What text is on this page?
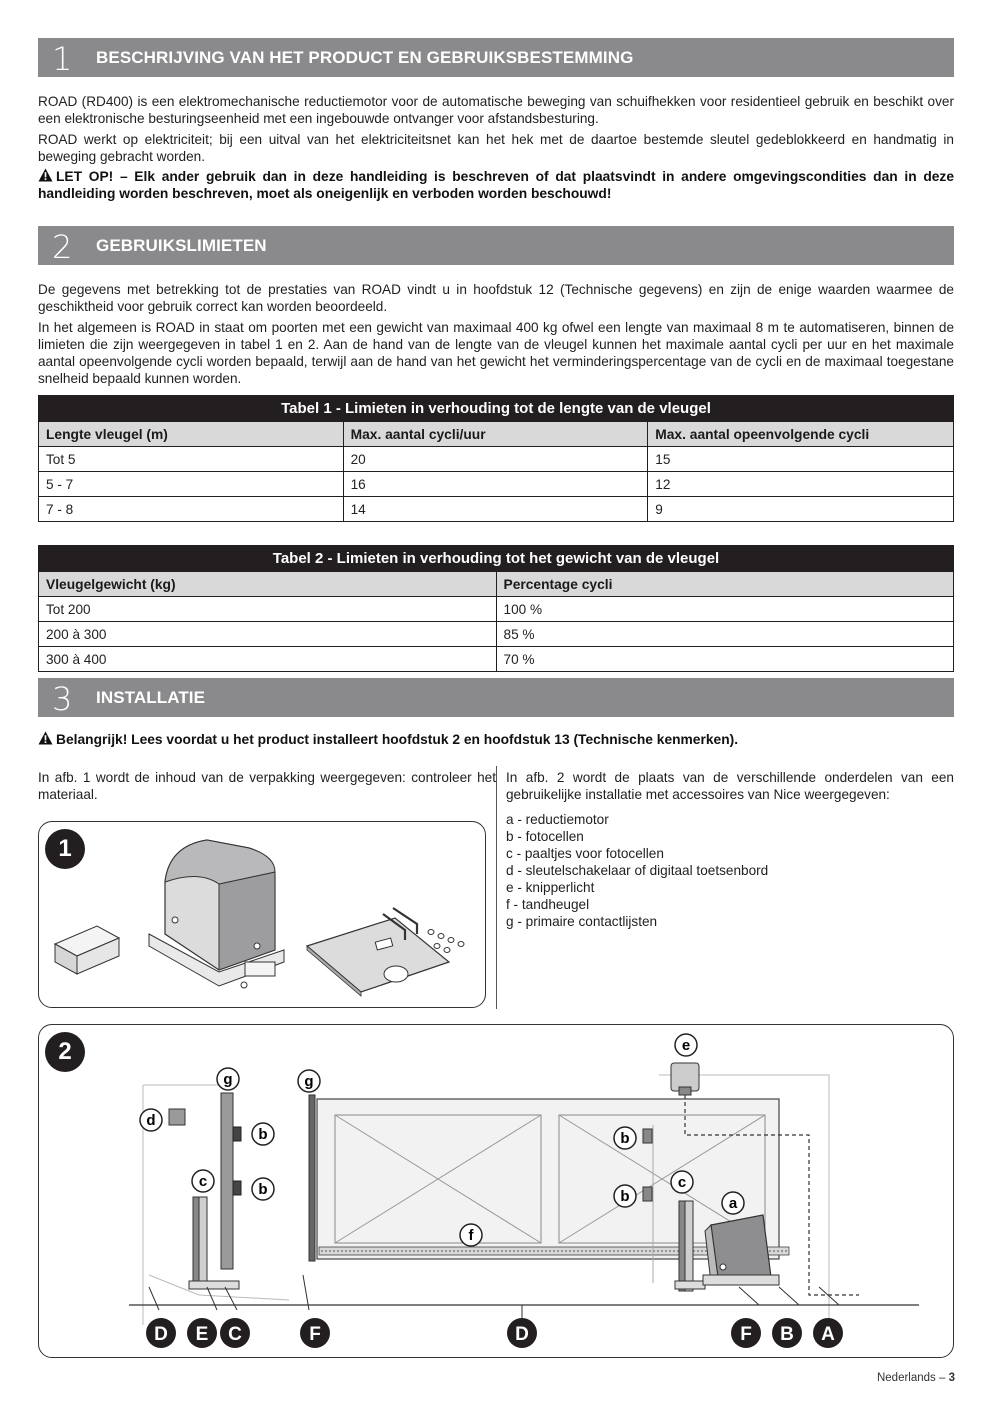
1 BESCHRIJVING VAN HET PRODUCT EN GEBRUIKSBESTEMMING

ROAD (RD400) is een elektromechanische reductiemotor voor de automatische beweging van schuifhekken voor residentieel gebruik en beschikt over een elektronische besturingseenheid met een ingebouwde ontvanger voor afstandsbesturing.

ROAD werkt op elektriciteit; bij een uitval van het elektriciteitsnet kan het hek met de daartoe bestemde sleutel gedeblokkeerd en handmatig in beweging gebracht worden.

LET OP! – Elk ander gebruik dan in deze handleiding is beschreven of dat plaatsvindt in andere omgevingscondities dan in deze handleiding worden beschreven, moet als oneigenlijk en verboden worden beschouwd!

2 GEBRUIKSLIMIETEN

De gegevens met betrekking tot de prestaties van ROAD vindt u in hoofdstuk 12 (Technische gegevens) en zijn de enige waarden waarmee de geschiktheid voor gebruik correct kan worden beoordeeld.

In het algemeen is ROAD in staat om poorten met een gewicht van maximaal 400 kg ofwel een lengte van maximaal 8 m te automatiseren, binnen de limieten die zijn weergegeven in tabel 1 en 2. Aan de hand van de lengte van de vleugel kunnen het maximale aantal cycli per uur en het maximale aantal opeenvolgende cycli worden bepaald, terwijl aan de hand van het gewicht het verminderingspercentage van de cycli en de maximaal toegestane snelheid bepaald kunnen worden.

Tabel 1 - Limieten in verhouding tot de lengte van de vleugel		
Lengte vleugel (m)	Max. aantal cycli/uur	Max. aantal opeenvolgende cycli
Tot 5	20	15
5 - 7	16	12
7 - 8	14	9
Tabel 2 - Limieten in verhouding tot het gewicht van de vleugel	
Vleugelgewicht (kg)	Percentage cycli
Tot 200	100 %
200 à 300	85 %
300 à 400	70 %
3 INSTALLATIE

Belangrijk! Lees voordat u het product installeert hoofdstuk 2 en hoofdstuk 13 (Technische kenmerken).

In afb. 1 wordt de inhoud van de verpakking weergegeven: controleer het materiaal.

In afb. 2 wordt de plaats van de verschillende onderdelen van een gebruikelijke installatie met accessoires van Nice weergegeven:

a - reductiemotor
b - fotocellen
c - paaltjes voor fotocellen
d - sleutelschakelaar of digitaal toetsenbord
e - knipperlicht
f - tandheugel
g - primaire contactlijsten
1
2
d
g	g
b
b
c
f
e
b
b
c
a
D E C	F	D	F B A
Nederlands – 3
